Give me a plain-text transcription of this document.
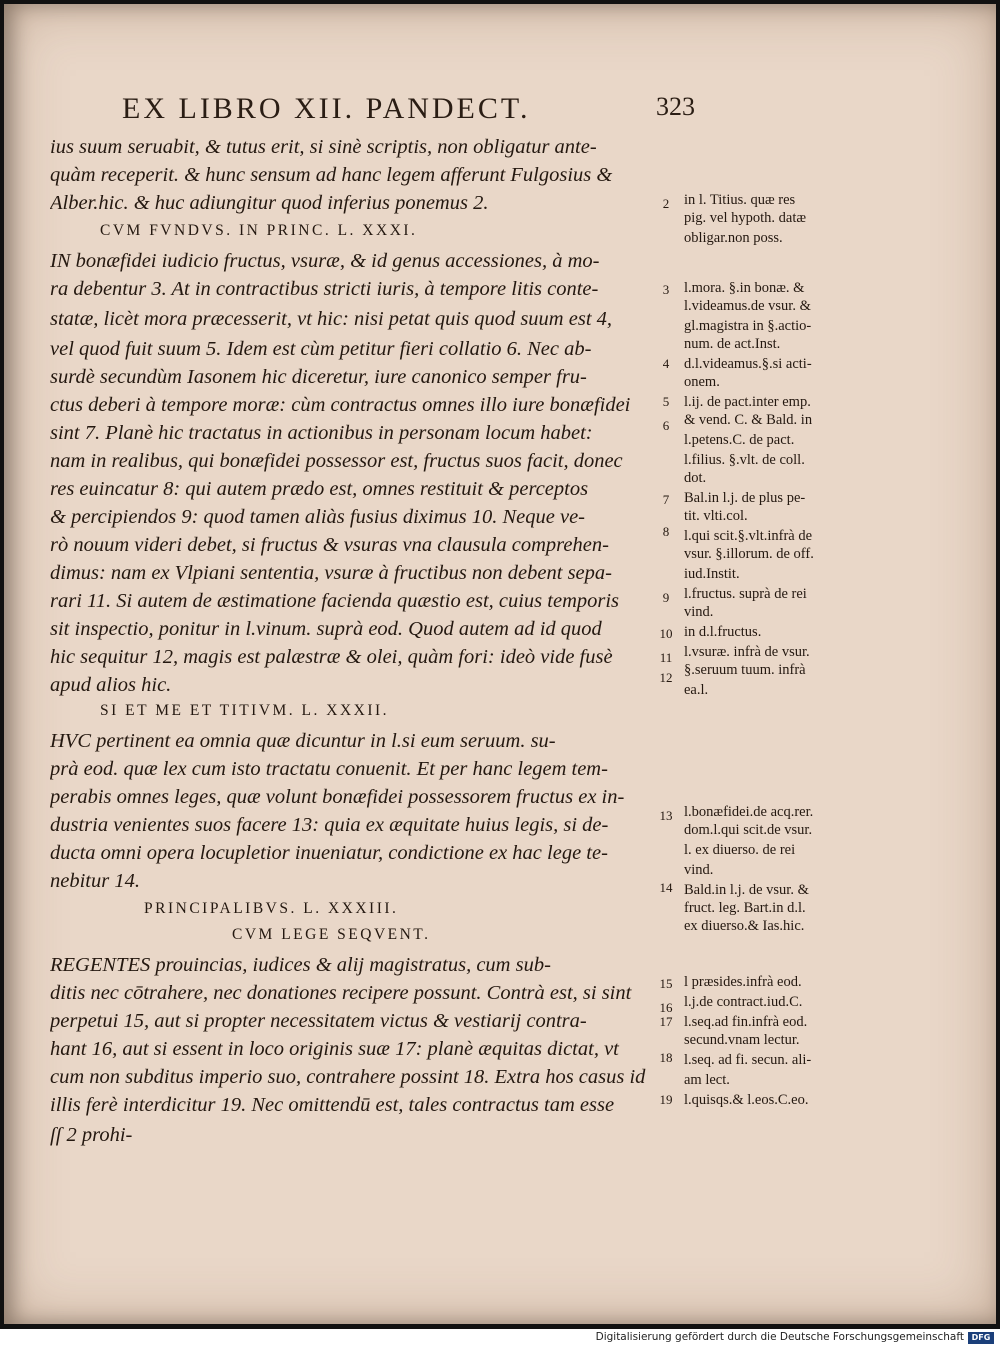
EX LIBRO XII. PANDECT.	323
ius suum seruabit, & tutus erit, si sinè scriptis, non obligatur ante-
quàm receperit. & hunc sensum ad hanc legem afferunt Fulgosius &
Alber.hic. & huc adiungitur quod inferius ponemus 2.
CVM FVNDVS. IN PRINC. L. XXXI.
IN bonæfidei iudicio fructus, vsuræ, & id genus accessiones, à mo-
ra debentur 3. At in contractibus stricti iuris, à tempore litis conte-
statæ, licèt mora præcesserit, vt hic: nisi petat quis quod suum est 4,
vel quod fuit suum 5. Idem est cùm petitur fieri collatio 6. Nec ab-
surdè secundùm Iasonem hic diceretur, iure canonico semper fru-
ctus deberi à tempore moræ: cùm contractus omnes illo iure bonæfidei
sint 7. Planè hic tractatus in actionibus in personam locum habet:
nam in realibus, qui bonæfidei possessor est, fructus suos facit, donec
res euincatur 8: qui autem prædo est, omnes restituit & perceptos
& percipiendos 9: quod tamen aliàs fusius diximus 10. Neque ve-
rò nouum videri debet, si fructus & vsuras vna clausula comprehen-
dimus: nam ex Vlpiani sententia, vsuræ à fructibus non debent sepa-
rari 11. Si autem de æstimatione facienda quæstio est, cuius temporis
sit inspectio, ponitur in l.vinum. suprà eod. Quod autem ad id quod
hic sequitur 12, magis est palæstræ & olei, quàm fori: ideò vide fusè
apud alios hic.
SI ET ME ET TITIVM. L. XXXII.
HVC pertinent ea omnia quæ dicuntur in l.si eum seruum. su-
prà eod. quæ lex cum isto tractatu conuenit. Et per hanc legem tem-
perabis omnes leges, quæ volunt bonæfidei possessorem fructus ex in-
dustria venientes suos facere 13: quia ex æquitate huius legis, si de-
ducta omni opera locupletior inueniatur, condictione ex hac lege te-
nebitur 14.
PRINCIPALIBVS. L. XXXIII.
CVM LEGE SEQVENT.
REGENTES prouincias, iudices & alij magistratus, cum sub-
ditis nec cōtrahere, nec donationes recipere possunt. Contrà est, si sint
perpetui 15, aut si propter necessitatem victus & vestiarij contra-
hant 16, aut si essent in loco originis suæ 17: planè æquitas dictat, vt
cum non subditus imperio suo, contrahere possint 18. Extra hos casus id
illis ferè interdicitur 19. Nec omittendū est, tales contractus tam esse
ſſ 2 prohi-
2
3
4
5
6
7
8
9
10
11
12
13
14
15
16
17
18
19
in l. Titius. quæ res
pig. vel hypoth. datæ
obligar.non poss.
l.mora. §.in bonæ. &
l.videamus.de vsur. &
gl.magistra in §.actio-
num. de act.Inst.
d.l.videamus.§.si acti-
onem.
l.ij. de pact.inter emp.
& vend. C. & Bald. in
l.petens.C. de pact.
l.filius. §.vlt. de coll.
dot.
Bal.in l.j. de plus pe-
tit. vlti.col.
l.qui scit.§.vlt.infrà de
vsur. §.illorum. de off.
iud.Instit.
l.fructus. suprà de rei
vind.
in d.l.fructus.
l.vsuræ. infrà de vsur.
§.seruum tuum. infrà
ea.l.
l.bonæfidei.de acq.rer.
dom.l.qui scit.de vsur.
l. ex diuerso. de rei
vind.
Bald.in l.j. de vsur. &
fruct. leg. Bart.in d.l.
ex diuerso.& Ias.hic.
l præsides.infrà eod.
l.j.de contract.iud.C.
l.seq.ad fin.infrà eod.
secund.vnam lectur.
l.seq. ad fi. secun. ali-
am lect.
l.quisqs.& l.eos.C.eo.
Digitalisierung gefördert durch die Deutsche Forschungsgemeinschaft DFG
